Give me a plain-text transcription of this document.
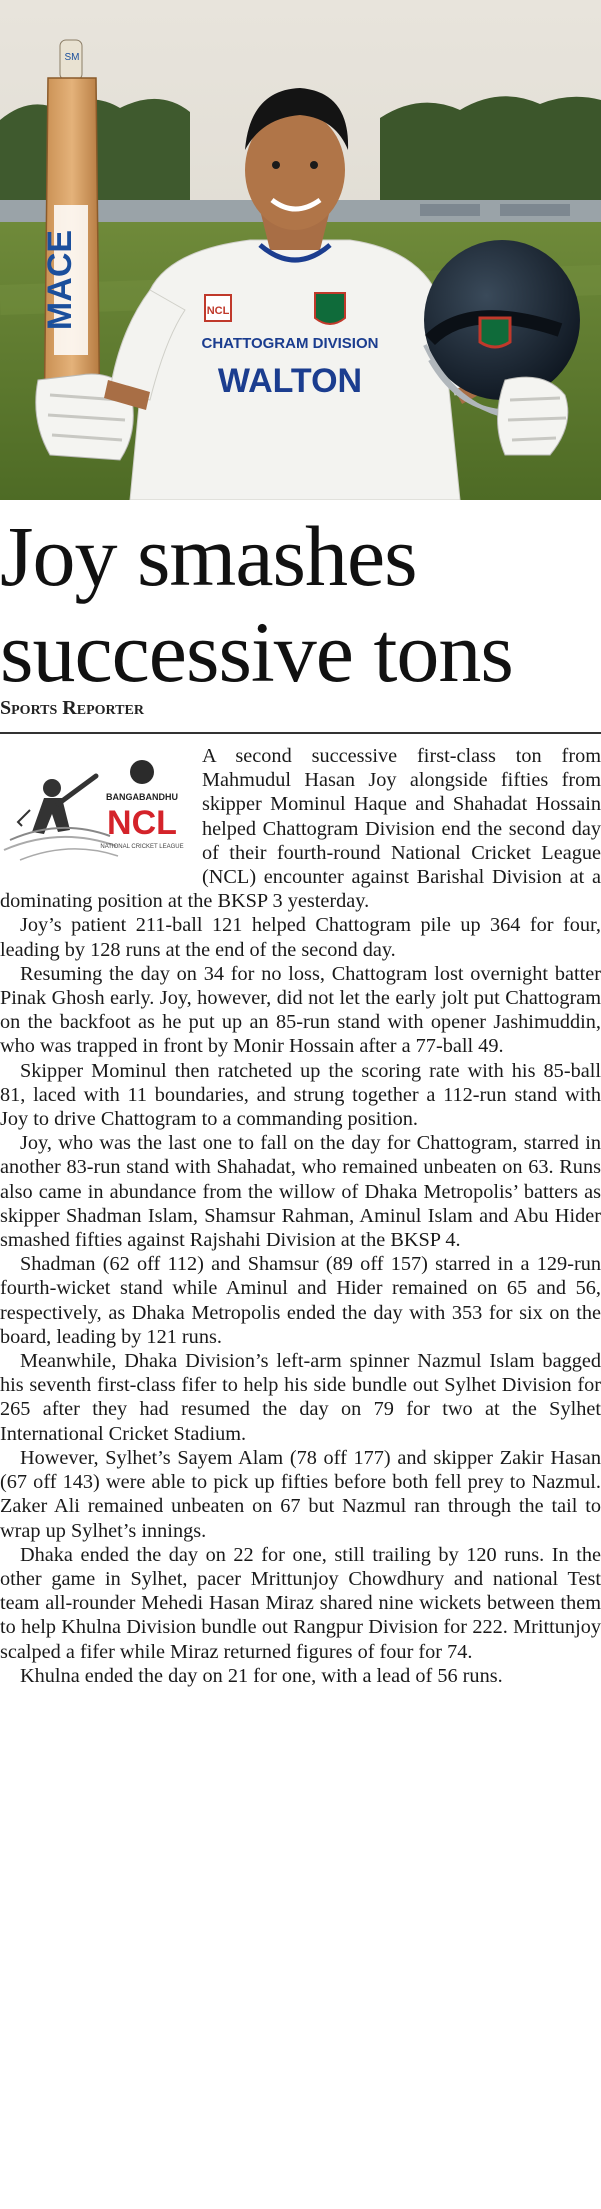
MACE
SM
NCL
CHATTOGRAM DIVISION
WALTON
Joy smashes
successive tons
Sports Reporter
BANGABANDHU
NCL
NATIONAL CRICKET LEAGUE

A second successive first-class ton from Mahmudul Hasan Joy alongside fifties from skipper Mominul Haque and Shahadat Hossain helped Chattogram Division end the second day of their fourth-round National Cricket League (NCL) encounter against Barishal Division at a dominating position at the BKSP 3 yesterday.

Joy’s patient 211-ball 121 helped Chattogram pile up 364 for four, leading by 128 runs at the end of the second day.

Resuming the day on 34 for no loss, Chattogram lost overnight batter Pinak Ghosh early. Joy, however, did not let the early jolt put Chattogram on the backfoot as he put up an 85-run stand with opener Jashimuddin, who was trapped in front by Monir Hossain after a 77-ball 49.

Skipper Mominul then ratcheted up the scoring rate with his 85-ball 81, laced with 11 boundaries, and strung together a 112-run stand with Joy to drive Chattogram to a commanding position.

Joy, who was the last one to fall on the day for Chattogram, starred in another 83-run stand with Shahadat, who remained unbeaten on 63. Runs also came in abundance from the willow of Dhaka Metropolis’ batters as skipper Shadman Islam, Shamsur Rahman, Aminul Islam and Abu Hider smashed fifties against Rajshahi Division at the BKSP 4.

Shadman (62 off 112) and Shamsur (89 off 157) starred in a 129-run fourth-wicket stand while Aminul and Hider remained on 65 and 56, respectively, as Dhaka Metropolis ended the day with 353 for six on the board, leading by 121 runs.

Meanwhile, Dhaka Division’s left-arm spinner Nazmul Islam bagged his seventh first-class fifer to help his side bundle out Sylhet Division for 265 after they had resumed the day on 79 for two at the Sylhet International Cricket Stadium.

However, Sylhet’s Sayem Alam (78 off 177) and skipper Zakir Hasan (67 off 143) were able to pick up fifties before both fell prey to Nazmul. Zaker Ali remained unbeaten on 67 but Nazmul ran through the tail to wrap up Sylhet’s innings.

Dhaka ended the day on 22 for one, still trailing by 120 runs. In the other game in Sylhet, pacer Mrittunjoy Chowdhury and national Test team all-rounder Mehedi Hasan Miraz shared nine wickets between them to help Khulna Division bundle out Rangpur Division for 222. Mrittunjoy scalped a fifer while Miraz returned figures of four for 74.

Khulna ended the day on 21 for one, with a lead of 56 runs.
